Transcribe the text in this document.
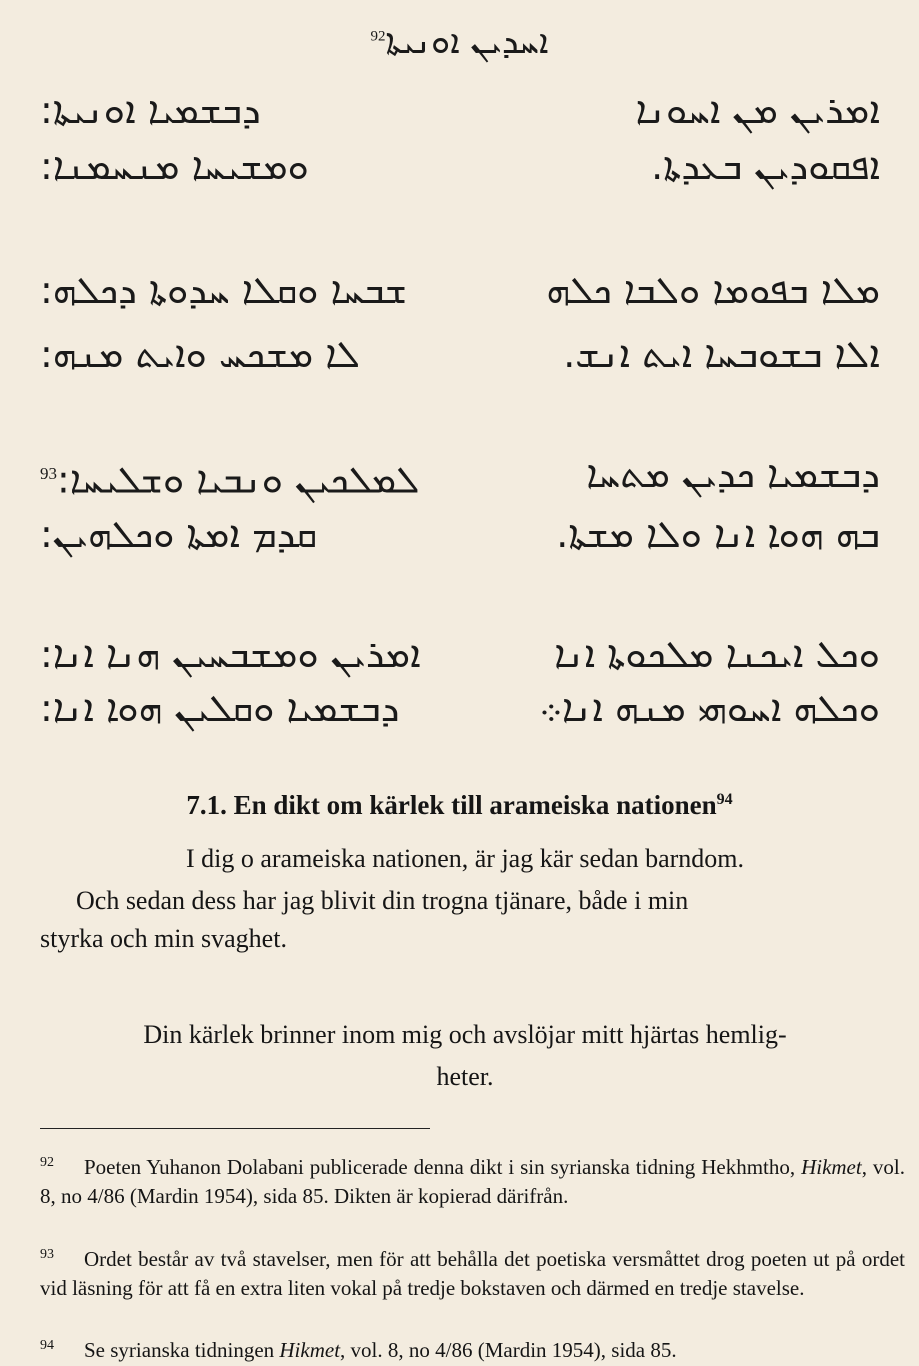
ܐܚܕܝܢ ܐܘܢܝܬܐ$^{92}$
ܕܒܫܡܝܐ ܐܘܢܝܬܐ:	ܐܡܪܝܢ ܡܢ ܐܚܘܢܐ
ܘܡܫܝܚܐ ܡܢܚܡܢܐ:	ܐܦܩܘܕܝܢ ܒܥܕܬܐ.
ܫܒܚܐ ܘܩܠܐ ܚܕܘܬܐ ܕܟܠܗ:	ܡܠܐ ܒܦܘܡܐ ܘܠܒܐ ܟܠܗ
ܠܐ ܡܫܟܚ ܘܐܝܬ ܡܢܗ:	ܐܠܐ ܒܫܘܒܚܐ ܐܝܬ ܐܢܫ.
ܠܡܠܟܝܢ ܘܢܒܝܐ ܘܫܠܝܚܐ:$^{93}$	ܕܒܫܡܝܐ ܟܕܝܢ ܡܬܚܐ
ܩܕܡ ܐܡܬܐ ܘܟܠܗܝܢ:	ܒܗ ܗܘܐ ܐܢܐ ܘܠܐ ܡܫܬܐ.
ܐܡܪܝܢ ܘܡܫܒܚܝܢ ܗܢܐ ܐܢܐ:	ܘܟܠ ܐܝܟܢܐ ܡܠܟܘܬܐ ܐܢܐ
ܕܒܫܡܝܐ ܘܩܠܝܢ ܗܘܐ ܐܢܐ:	ܘܟܠܗ ܐܚܘܗܝ ܡܢܗ ܐܢܐ܀
7.1. En dikt om kärlek till arameiska nationen$^{94}$
I dig o arameiska nationen, är jag kär sedan barndom.
Och sedan dess har jag blivit din trogna tjänare, både i min
styrka och min svaghet.
Din kärlek brinner inom mig och avslöjar mitt hjärtas hemlig-
heter.
92 Poeten Yuhanon Dolabani publicerade denna dikt i sin syrianska tidning Hekhmtho, Hikmet, vol. 8, no 4/86 (Mardin 1954), sida 85. Dikten är kopierad därifrån.
93 Ordet består av två stavelser, men för att behålla det poetiska versmåttet drog poeten ut på ordet vid läsning för att få en extra liten vokal på tredje bokstaven och därmed en tredje stavelse.
94 Se syrianska tidningen Hikmet, vol. 8, no 4/86 (Mardin 1954), sida 85.
